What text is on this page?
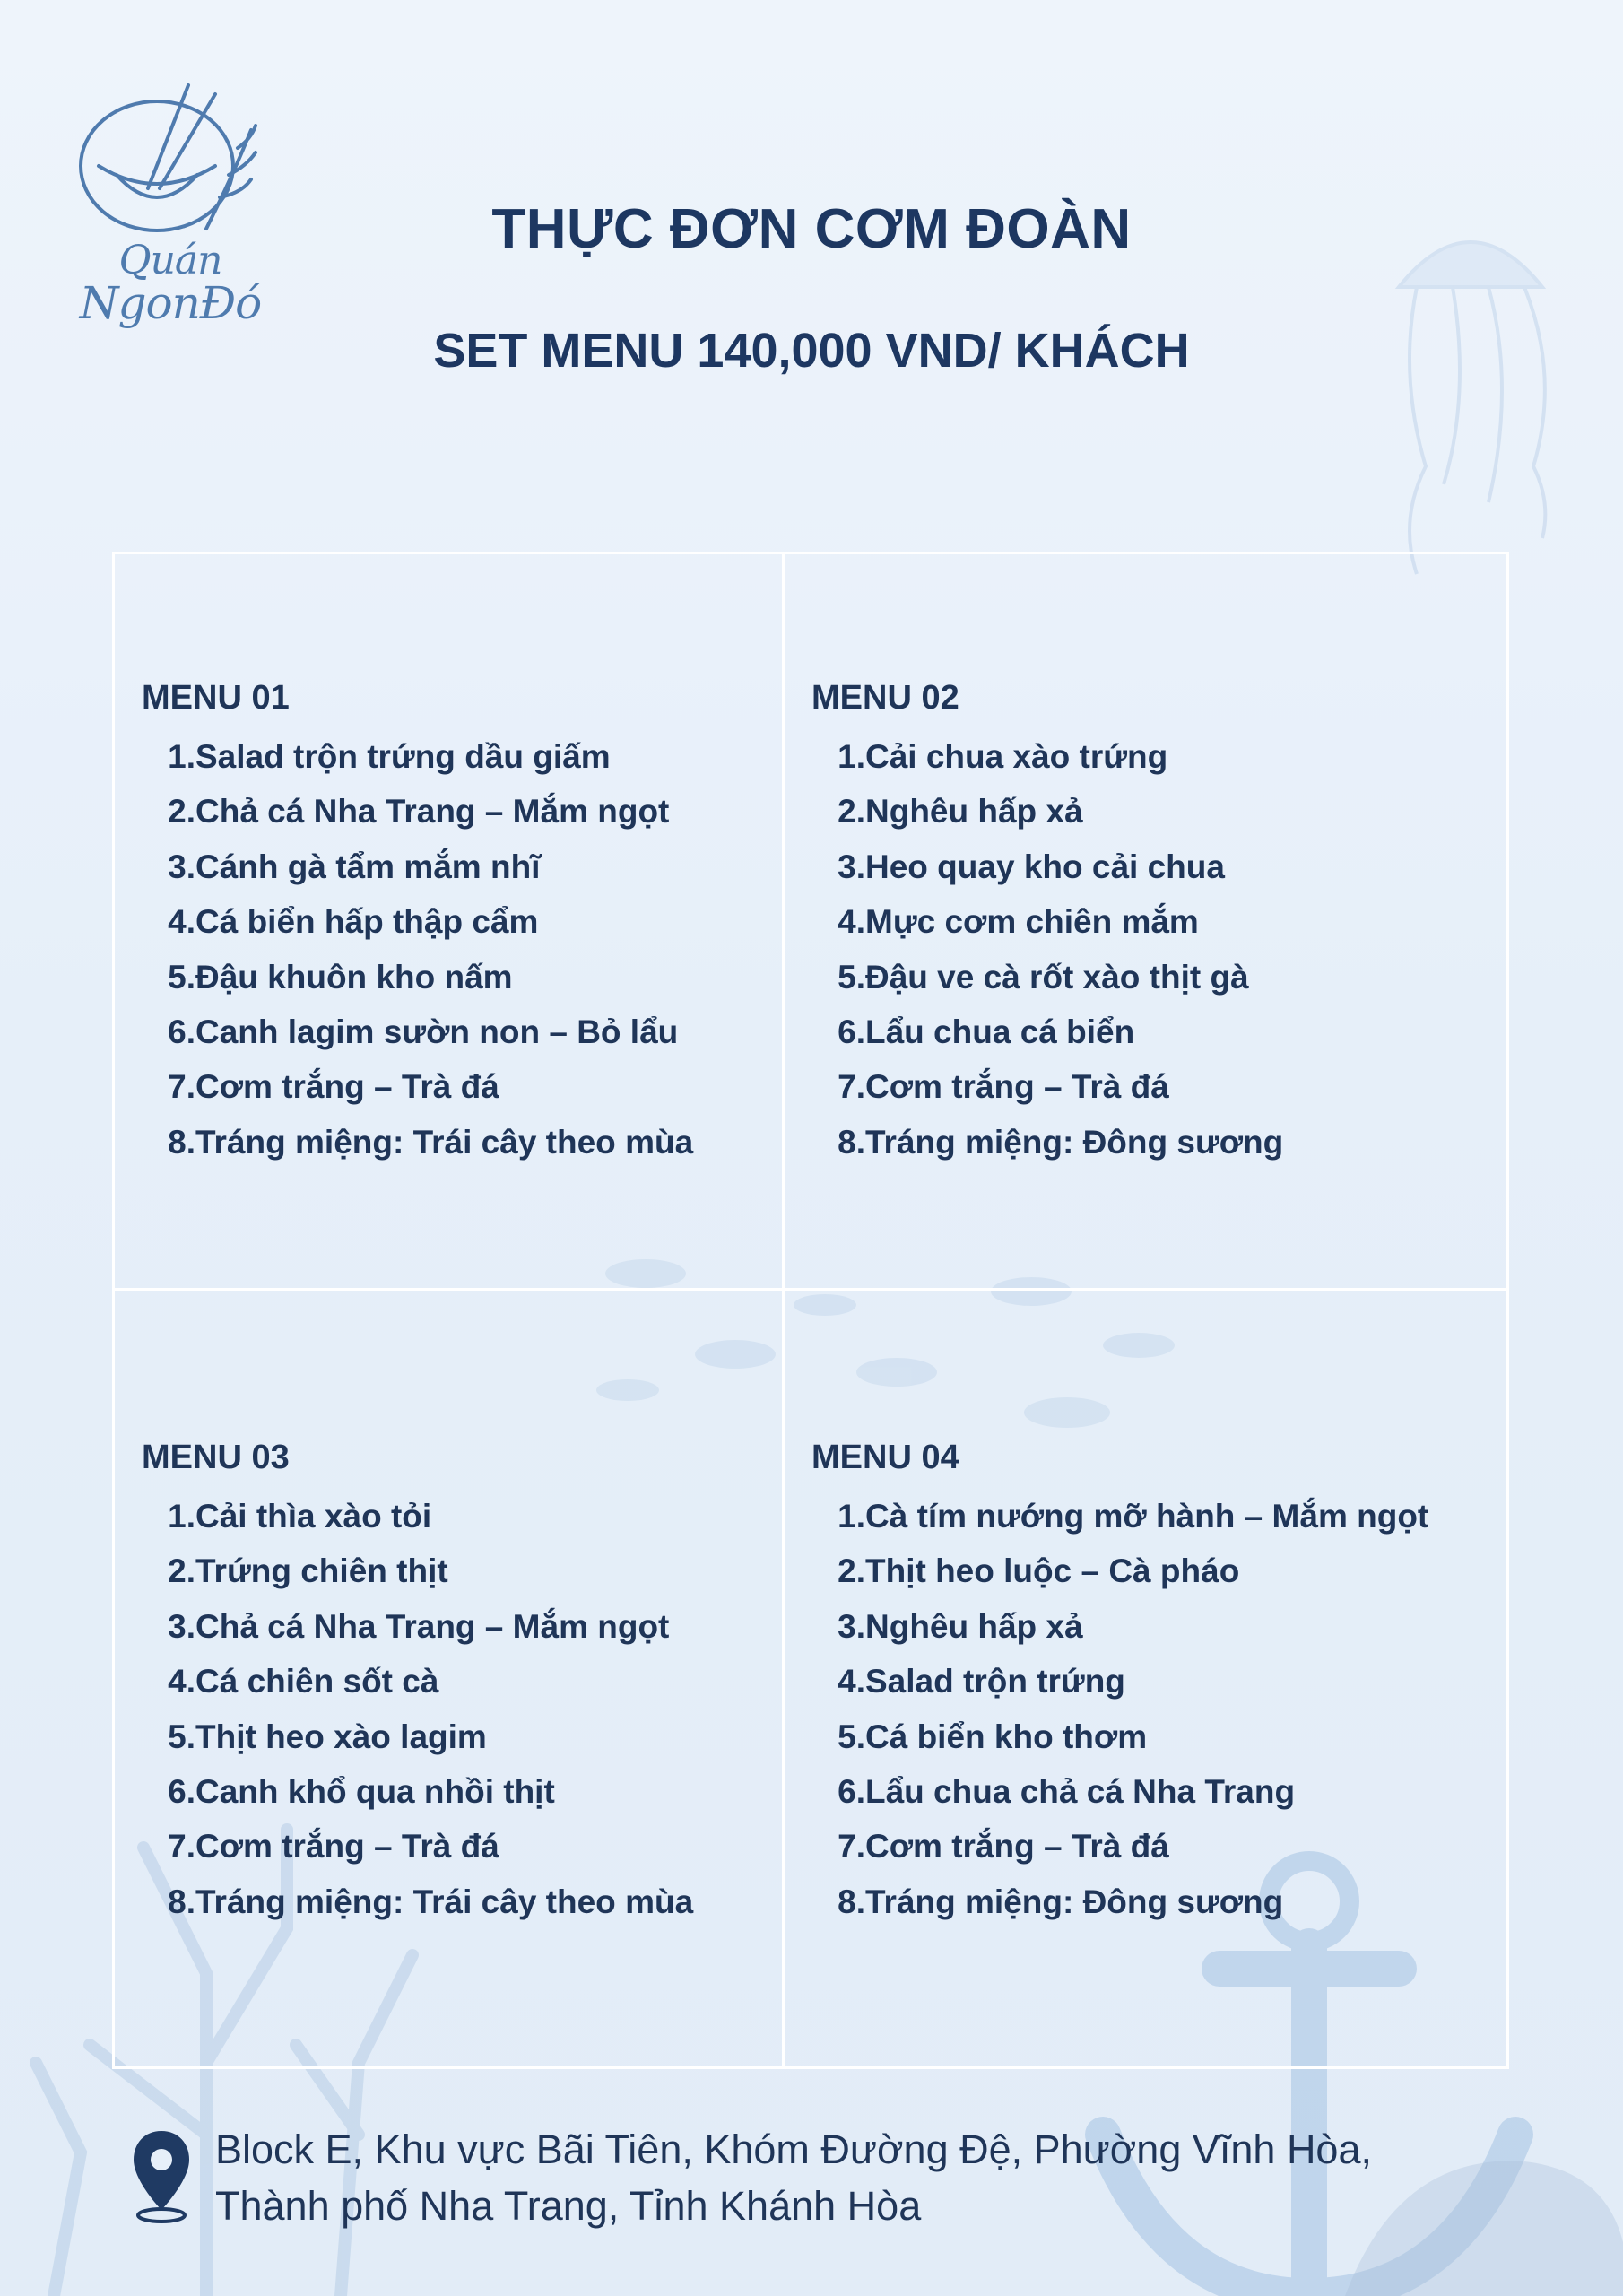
Quán
NgonĐó
THỰC ĐƠN CƠM ĐOÀN
SET MENU 140,000 VND/ KHÁCH
MENU 01
1.Salad trộn trứng dầu giấm
2.Chả cá Nha Trang – Mắm ngọt
3.Cánh gà tẩm mắm nhĩ
4.Cá biển hấp thập cẩm
5.Đậu khuôn kho nấm
6.Canh lagim sườn non – Bỏ lẩu
7.Cơm trắng – Trà đá
8.Tráng miệng: Trái cây theo mùa
MENU 02
1.Cải chua xào trứng
2.Nghêu hấp xả
3.Heo quay kho cải chua
4.Mực cơm chiên mắm
5.Đậu ve cà rốt xào thịt gà
6.Lẩu chua cá biển
7.Cơm trắng – Trà đá
8.Tráng miệng: Đông sương
MENU 03
1.Cải thìa xào tỏi
2.Trứng chiên thịt
3.Chả cá Nha Trang – Mắm ngọt
4.Cá chiên sốt cà
5.Thịt heo xào lagim
6.Canh khổ qua nhồi thịt
7.Cơm trắng – Trà đá
8.Tráng miệng: Trái cây theo mùa
MENU 04
1.Cà tím nướng mỡ hành – Mắm ngọt
2.Thịt heo luộc – Cà pháo
3.Nghêu hấp xả
4.Salad trộn trứng
5.Cá biển kho thơm
6.Lẩu chua chả cá Nha Trang
7.Cơm trắng – Trà đá
8.Tráng miệng: Đông sương
Block E, Khu vực Bãi Tiên, Khóm Đường Đệ, Phường Vĩnh Hòa,
Thành phố Nha Trang, Tỉnh Khánh Hòa
